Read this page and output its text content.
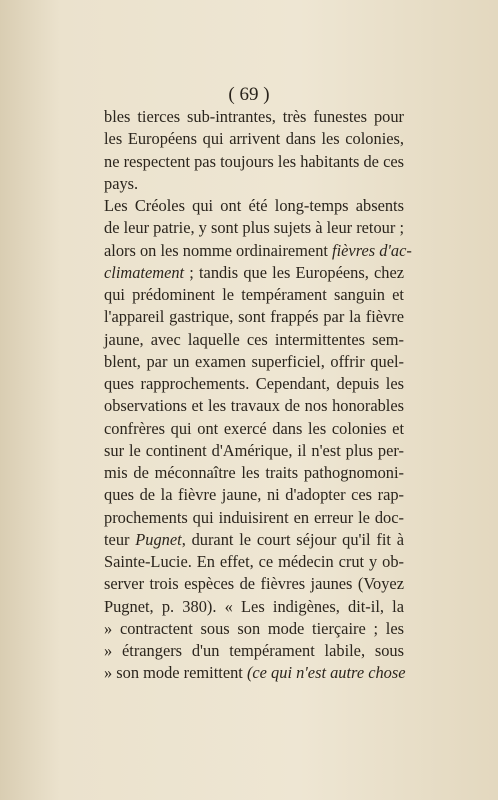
( 69 )
bles tierces sub-intrantes, très funestes pour
les Européens qui arrivent dans les colonies,
ne respectent pas toujours les habitants de ces
pays.
Les Créoles qui ont été long-temps absents
de leur patrie, y sont plus sujets à leur retour ;
alors on les nomme ordinairement fièvres d'ac-
climatement ; tandis que les Européens, chez
qui prédominent le tempérament sanguin et
l'appareil gastrique, sont frappés par la fièvre
jaune, avec laquelle ces intermittentes sem-
blent, par un examen superficiel, offrir quel-
ques rapprochements. Cependant, depuis les
observations et les travaux de nos honorables
confrères qui ont exercé dans les colonies et
sur le continent d'Amérique, il n'est plus per-
mis de méconnaître les traits pathognomoni-
ques de la fièvre jaune, ni d'adopter ces rap-
prochements qui induisirent en erreur le doc-
teur Pugnet, durant le court séjour qu'il fit à
Sainte-Lucie. En effet, ce médecin crut y ob-
server trois espèces de fièvres jaunes (Voyez
Pugnet, p. 380). « Les indigènes, dit-il, la
» contractent sous son mode tierçaire ; les
» étrangers d'un tempérament labile, sous
» son mode remittent (ce qui n'est autre chose
